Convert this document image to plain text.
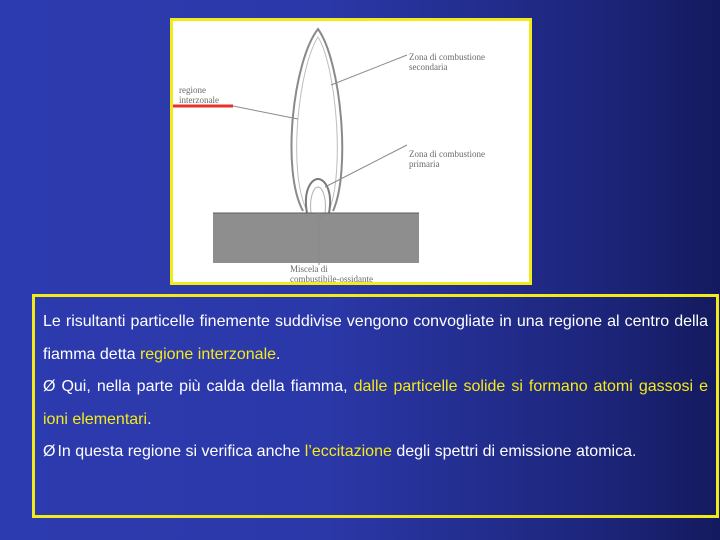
Zona di combustione
secondaria
regione
interzonale
Zona di combustione
primaria
Miscela di
combustibile-ossidante

Le risultanti particelle finemente suddivise vengono convogliate in una regione al centro della fiamma detta regione interzonale.

Ø Qui, nella parte più calda della fiamma, dalle particelle solide si formano atomi gassosi e ioni elementari.

Ø In questa regione si verifica anche l’eccitazione degli spettri di emissione atomica.
